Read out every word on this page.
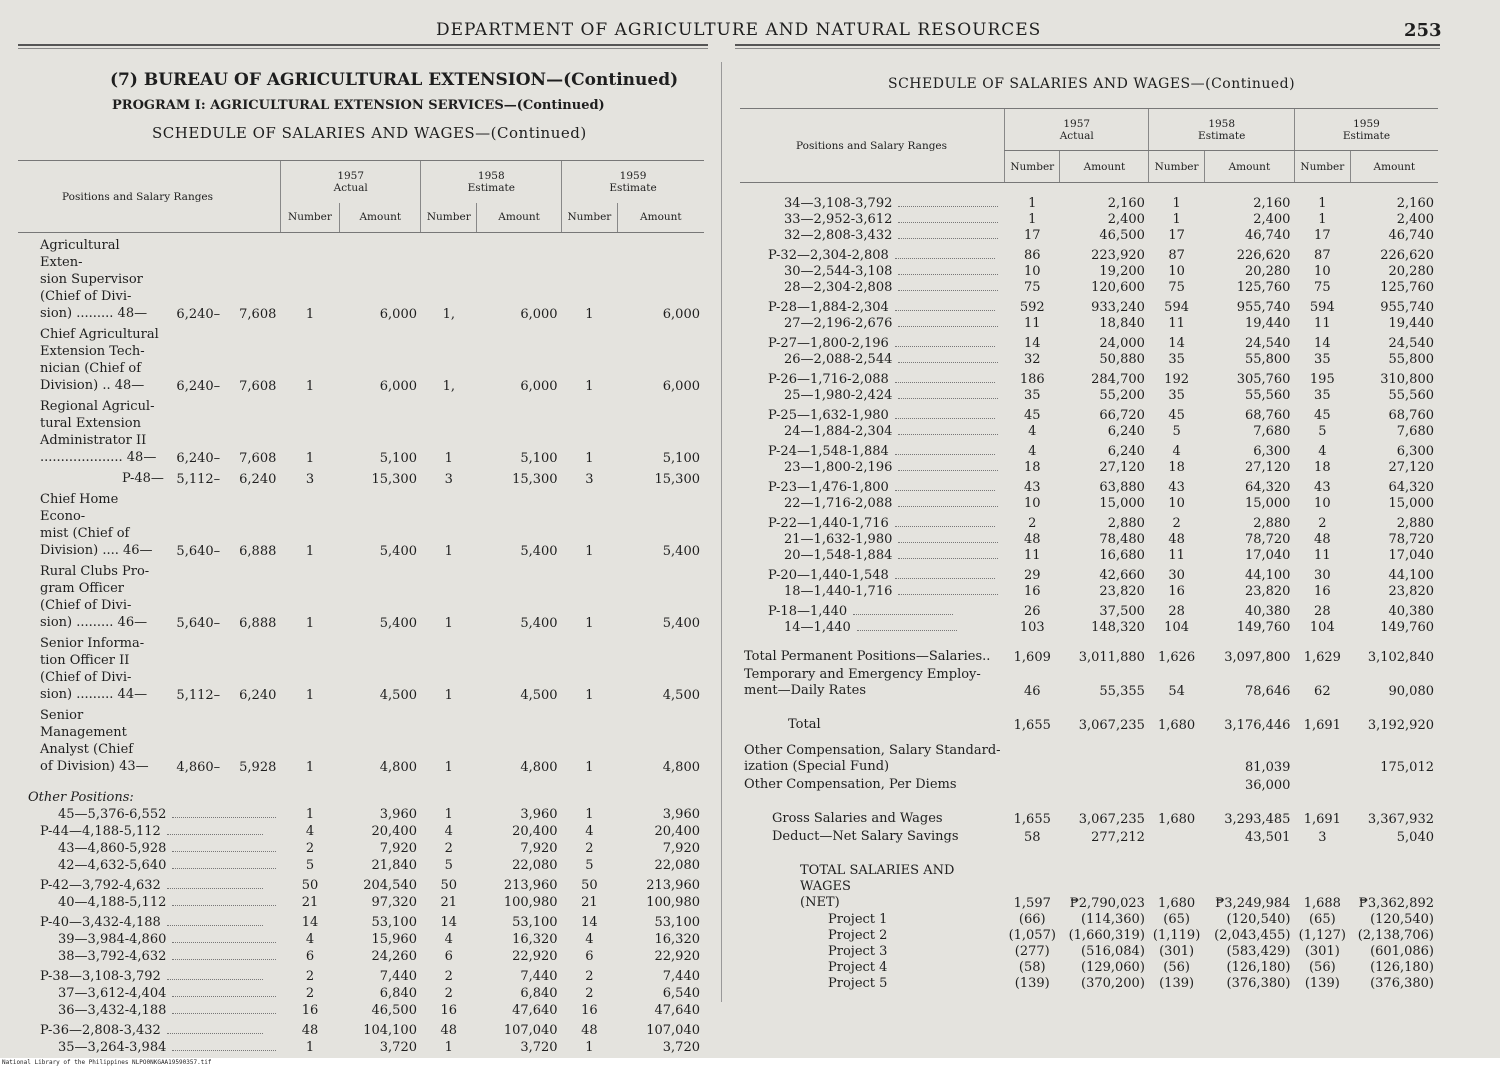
DEPARTMENT OF AGRICULTURE AND NATURAL RESOURCES	253
(7) BUREAU OF AGRICULTURAL EXTENSION—(Continued)
PROGRAM I: AGRICULTURAL EXTENSION SERVICES—(Continued)
SCHEDULE OF SALARIES AND WAGES—(Continued)
SCHEDULE OF SALARIES AND WAGES—(Continued)
Positions and Salary Ranges			1957
Actual		1958
Estimate		1959
Estimate	
			Number	Amount	Number	Amount	Number	Amount
Agricultural Exten-
sion Supervisor
(Chief of Divi-
sion) ......... 48—	6,240–	7,608	1	6,000	1,	6,000	1	6,000
Chief Agricultural
Extension Tech-
nician (Chief of
Division) .. 48—	6,240–	7,608	1	6,000	1,	6,000	1	6,000
Regional Agricul-
tural Extension
Administrator II
.................... 48—	6,240–	7,608	1	5,100	1	5,100	1	5,100
P-48—	5,112–	6,240	3	15,300	3	15,300	3	15,300
Chief Home Econo-
mist (Chief of
Division) .... 46—	5,640–	6,888	1	5,400	1	5,400	1	5,400
Rural Clubs Pro-
gram Officer
(Chief of Divi-
sion) ......... 46—	5,640–	6,888	1	5,400	1	5,400	1	5,400
Senior Informa-
tion Officer II
(Chief of Divi-
sion) ......... 44—	5,112–	6,240	1	4,500	1	4,500	1	4,500
Senior Management
Analyst (Chief
of Division) 43—	4,860–	5,928	1	4,800	1	4,800	1	4,800
Other Positions:								
45—5,376-6,552			1	3,960	1	3,960	1	3,960
P-44—4,188-5,112			4	20,400	4	20,400	4	20,400
43—4,860-5,928			2	7,920	2	7,920	2	7,920
42—4,632-5,640			5	21,840	5	22,080	5	22,080
P-42—3,792-4,632			50	204,540	50	213,960	50	213,960
40—4,188-5,112			21	97,320	21	100,980	21	100,980
P-40—3,432-4,188			14	53,100	14	53,100	14	53,100
39—3,984-4,860			4	15,960	4	16,320	4	16,320
38—3,792-4,632			6	24,260	6	22,920	6	22,920
P-38—3,108-3,792			2	7,440	2	7,440	2	7,440
37—3,612-4,404			2	6,840	2	6,840	2	6,540
36—3,432-4,188			16	46,500	16	47,640	16	47,640
P-36—2,808-3,432			48	104,100	48	107,040	48	107,040
35—3,264-3,984			1	3,720	1	3,720	1	3,720
Positions and Salary Ranges	1957
Actual		1958
Estimate		1959
Estimate	
	Number	Amount	Number	Amount	Number	Amount

34—3,108-3,792	1	2,160	1	2,160	1	2,160
33—2,952-3,612	1	2,400	1	2,400	1	2,400
32—2,808-3,432	17	46,500	17	46,740	17	46,740
P-32—2,304-2,808	86	223,920	87	226,620	87	226,620
30—2,544-3,108	10	19,200	10	20,280	10	20,280
28—2,304-2,808	75	120,600	75	125,760	75	125,760
P-28—1,884-2,304	592	933,240	594	955,740	594	955,740
27—2,196-2,676	11	18,840	11	19,440	11	19,440
P-27—1,800-2,196	14	24,000	14	24,540	14	24,540
26—2,088-2,544	32	50,880	35	55,800	35	55,800
P-26—1,716-2,088	186	284,700	192	305,760	195	310,800
25—1,980-2,424	35	55,200	35	55,560	35	55,560
P-25—1,632-1,980	45	66,720	45	68,760	45	68,760
24—1,884-2,304	4	6,240	5	7,680	5	7,680
P-24—1,548-1,884	4	6,240	4	6,300	4	6,300
23—1,800-2,196	18	27,120	18	27,120	18	27,120
P-23—1,476-1,800	43	63,880	43	64,320	43	64,320
22—1,716-2,088	10	15,000	10	15,000	10	15,000
P-22—1,440-1,716	2	2,880	2	2,880	2	2,880
21—1,632-1,980	48	78,480	48	78,720	48	78,720
20—1,548-1,884	11	16,680	11	17,040	11	17,040
P-20—1,440-1,548	29	42,660	30	44,100	30	44,100
18—1,440-1,716	16	23,820	16	23,820	16	23,820
P-18—1,440	26	37,500	28	40,380	28	40,380
14—1,440	103	148,320	104	149,760	104	149,760
Total Permanent Positions—Salaries..	1,609	3,011,880	1,626	3,097,800	1,629	3,102,840
Temporary and Emergency Employ-
ment—Daily Rates	46	55,355	54	78,646	62	90,080
Total	1,655	3,067,235	1,680	3,176,446	1,691	3,192,920
Other Compensation, Salary Standard-
ization (Special Fund)				81,039		175,012
Other Compensation, Per Diems				36,000		
Gross Salaries and Wages	1,655	3,067,235	1,680	3,293,485	1,691	3,367,932
Deduct—Net Salary Savings	58	277,212		43,501	3	5,040
TOTAL SALARIES AND WAGES
(NET)	1,597	₱2,790,023	1,680	₱3,249,984	1,688	₱3,362,892
Project 1	(66)	(114,360)	(65)	(120,540)	(65)	(120,540)
Project 2	(1,057)	(1,660,319)	(1,119)	(2,043,455)	(1,127)	(2,138,706)
Project 3	(277)	(516,084)	(301)	(583,429)	(301)	(601,086)
Project 4	(58)	(129,060)	(56)	(126,180)	(56)	(126,180)
Project 5	(139)	(370,200)	(139)	(376,380)	(139)	(376,380)
National Library of the Philippines NLPO0NKGAA19590357.tif
